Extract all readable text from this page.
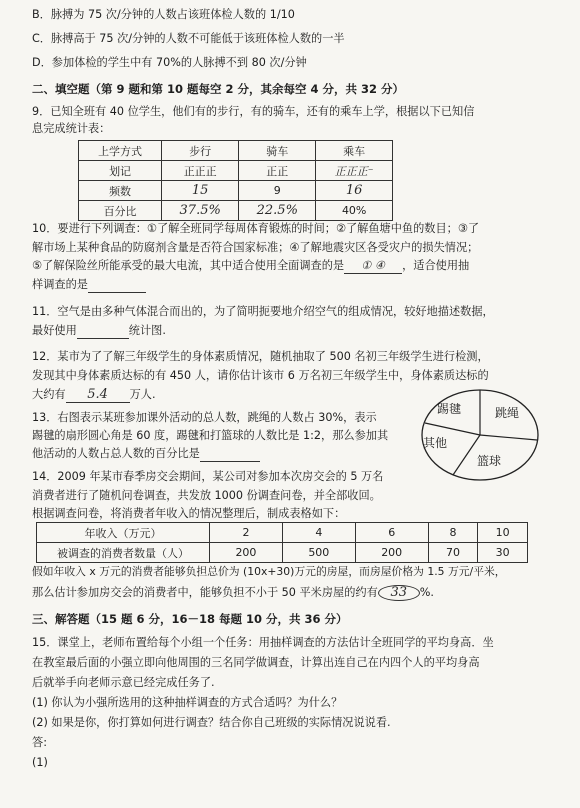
B．脉搏为 75 次/分钟的人数占该班体检人数的 1/10
C．脉搏高于 75 次/分钟的人数不可能低于该班体检人数的一半
D．参加体检的学生中有 70%的人脉搏不到 80 次/分钟
二、填空题（第 9 题和第 10 题每空 2 分，其余每空 4 分，共 32 分）
9．已知全班有 40 位学生，他们有的步行，有的骑车，还有的乘车上学，根据以下已知信
息完成统计表：
上学方式	步行	骑车	乘车
划记	正正正	正正	正正正⁻
频数	15	9	16
百分比	37.5%	22.5%	40%
10．要进行下列调查：①了解全班同学每周体育锻炼的时间；②了解鱼塘中鱼的数目；③了
解市场上某种食品的防腐剂含量是否符合国家标准；④了解地震灾区各受灾户的损失情况；
⑤了解保险丝所能承受的最大电流，其中适合使用全面调查的是 ① ④ ，适合使用抽
样调查的是
11．空气是由多种气体混合而出的，为了简明扼要地介绍空气的组成情况，较好地描述数据，
最好使用	统计图.
12．某市为了了解三年级学生的身体素质情况，随机抽取了 500 名初三年级学生进行检测，
发现其中身体素质达标的有 450 人，请你估计该市 6 万名初三年级学生中，身体素质达标的
大约有 5.4 万人.
13．右图表示某班参加课外活动的总人数，跳绳的人数占 30%，表示
踢毽的扇形圆心角是 60 度，踢毽和打篮球的人数比是 1:2，那么参加其
他活动的人数占总人数的百分比是
踢毽	跳绳
其他
篮球
14．2009 年某市春季房交会期间，某公司对参加本次房交会的 5 万名
消费者进行了随机问卷调查，共发放 1000 份调查问卷，并全部收回。
根据调查问卷，将消费者年收入的情况整理后，制成表格如下：
年收入（万元）	2	4	6	8	10
被调查的消费者数量（人）	200	500	200	70	30
假如年收入 x 万元的消费者能够负担总价为 (10x+30)万元的房屋，而房屋价格为 1.5 万元/平米，
那么估计参加房交会的消费者中，能够负担不小于 50 平米房屋的约有 33 %.
三、解答题（15 题 6 分，16－18 每题 10 分，共 36 分）
15．课堂上，老师布置给每个小组一个任务：用抽样调查的方法估计全班同学的平均身高．坐
在教室最后面的小强立即向他周围的三名同学做调查，计算出连自己在内四个人的平均身高
后就举手向老师示意已经完成任务了.
(1) 你认为小强所选用的这种抽样调查的方式合适吗？为什么？
(2) 如果是你，你打算如何进行调查？结合你自己班级的实际情况说说看.
答:
(1)
